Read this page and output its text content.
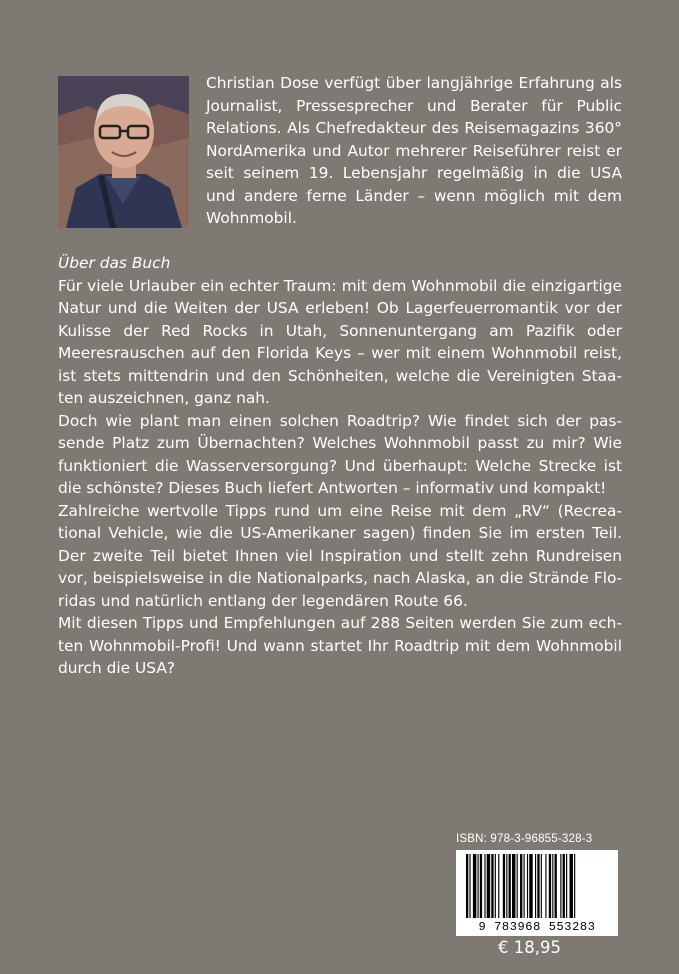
Christian Dose verfügt über langjährige Erfahrung als Journalist, Pressesprecher und Berater für Public Relations. Als Chefredakteur des Reisemagazins 360° NordAmerika und Autor mehrerer Reiseführer reist er seit seinem 19. Lebensjahr regelmäßig in die USA und andere ferne Länder – wenn möglich mit dem Wohnmobil.

Über das Buch

Für viele Urlauber ein echter Traum: mit dem Wohnmobil die einzigartige Natur und die Weiten der USA erleben! Ob Lagerfeuerromantik vor der Kulisse der Red Rocks in Utah, Sonnenuntergang am Pazifik oder Meeresrauschen auf den Florida Keys – wer mit einem Wohnmobil reist, ist stets mittendrin und den Schönheiten, welche die Vereinigten Staaten auszeichnen, ganz nah.

Doch wie plant man einen solchen Roadtrip? Wie findet sich der passende Platz zum Übernachten? Welches Wohnmobil passt zu mir? Wie funktioniert die Wasserversorgung? Und überhaupt: Welche Strecke ist die schönste? Dieses Buch liefert Antworten – informativ und kompakt!

Zahlreiche wertvolle Tipps rund um eine Reise mit dem „RV“ (Recreational Vehicle, wie die US-Amerikaner sagen) finden Sie im ersten Teil. Der zweite Teil bietet Ihnen viel Inspiration und stellt zehn Rundreisen vor, beispielsweise in die Nationalparks, nach Alaska, an die Strände Floridas und natürlich entlang der legendären Route 66.

Mit diesen Tipps und Empfehlungen auf 288 Seiten werden Sie zum echten Wohnmobil-Profi! Und wann startet Ihr Roadtrip mit dem Wohnmobil durch die USA?

ISBN: 978-3-96855-328-3
9 783968 553283
€ 18,95
